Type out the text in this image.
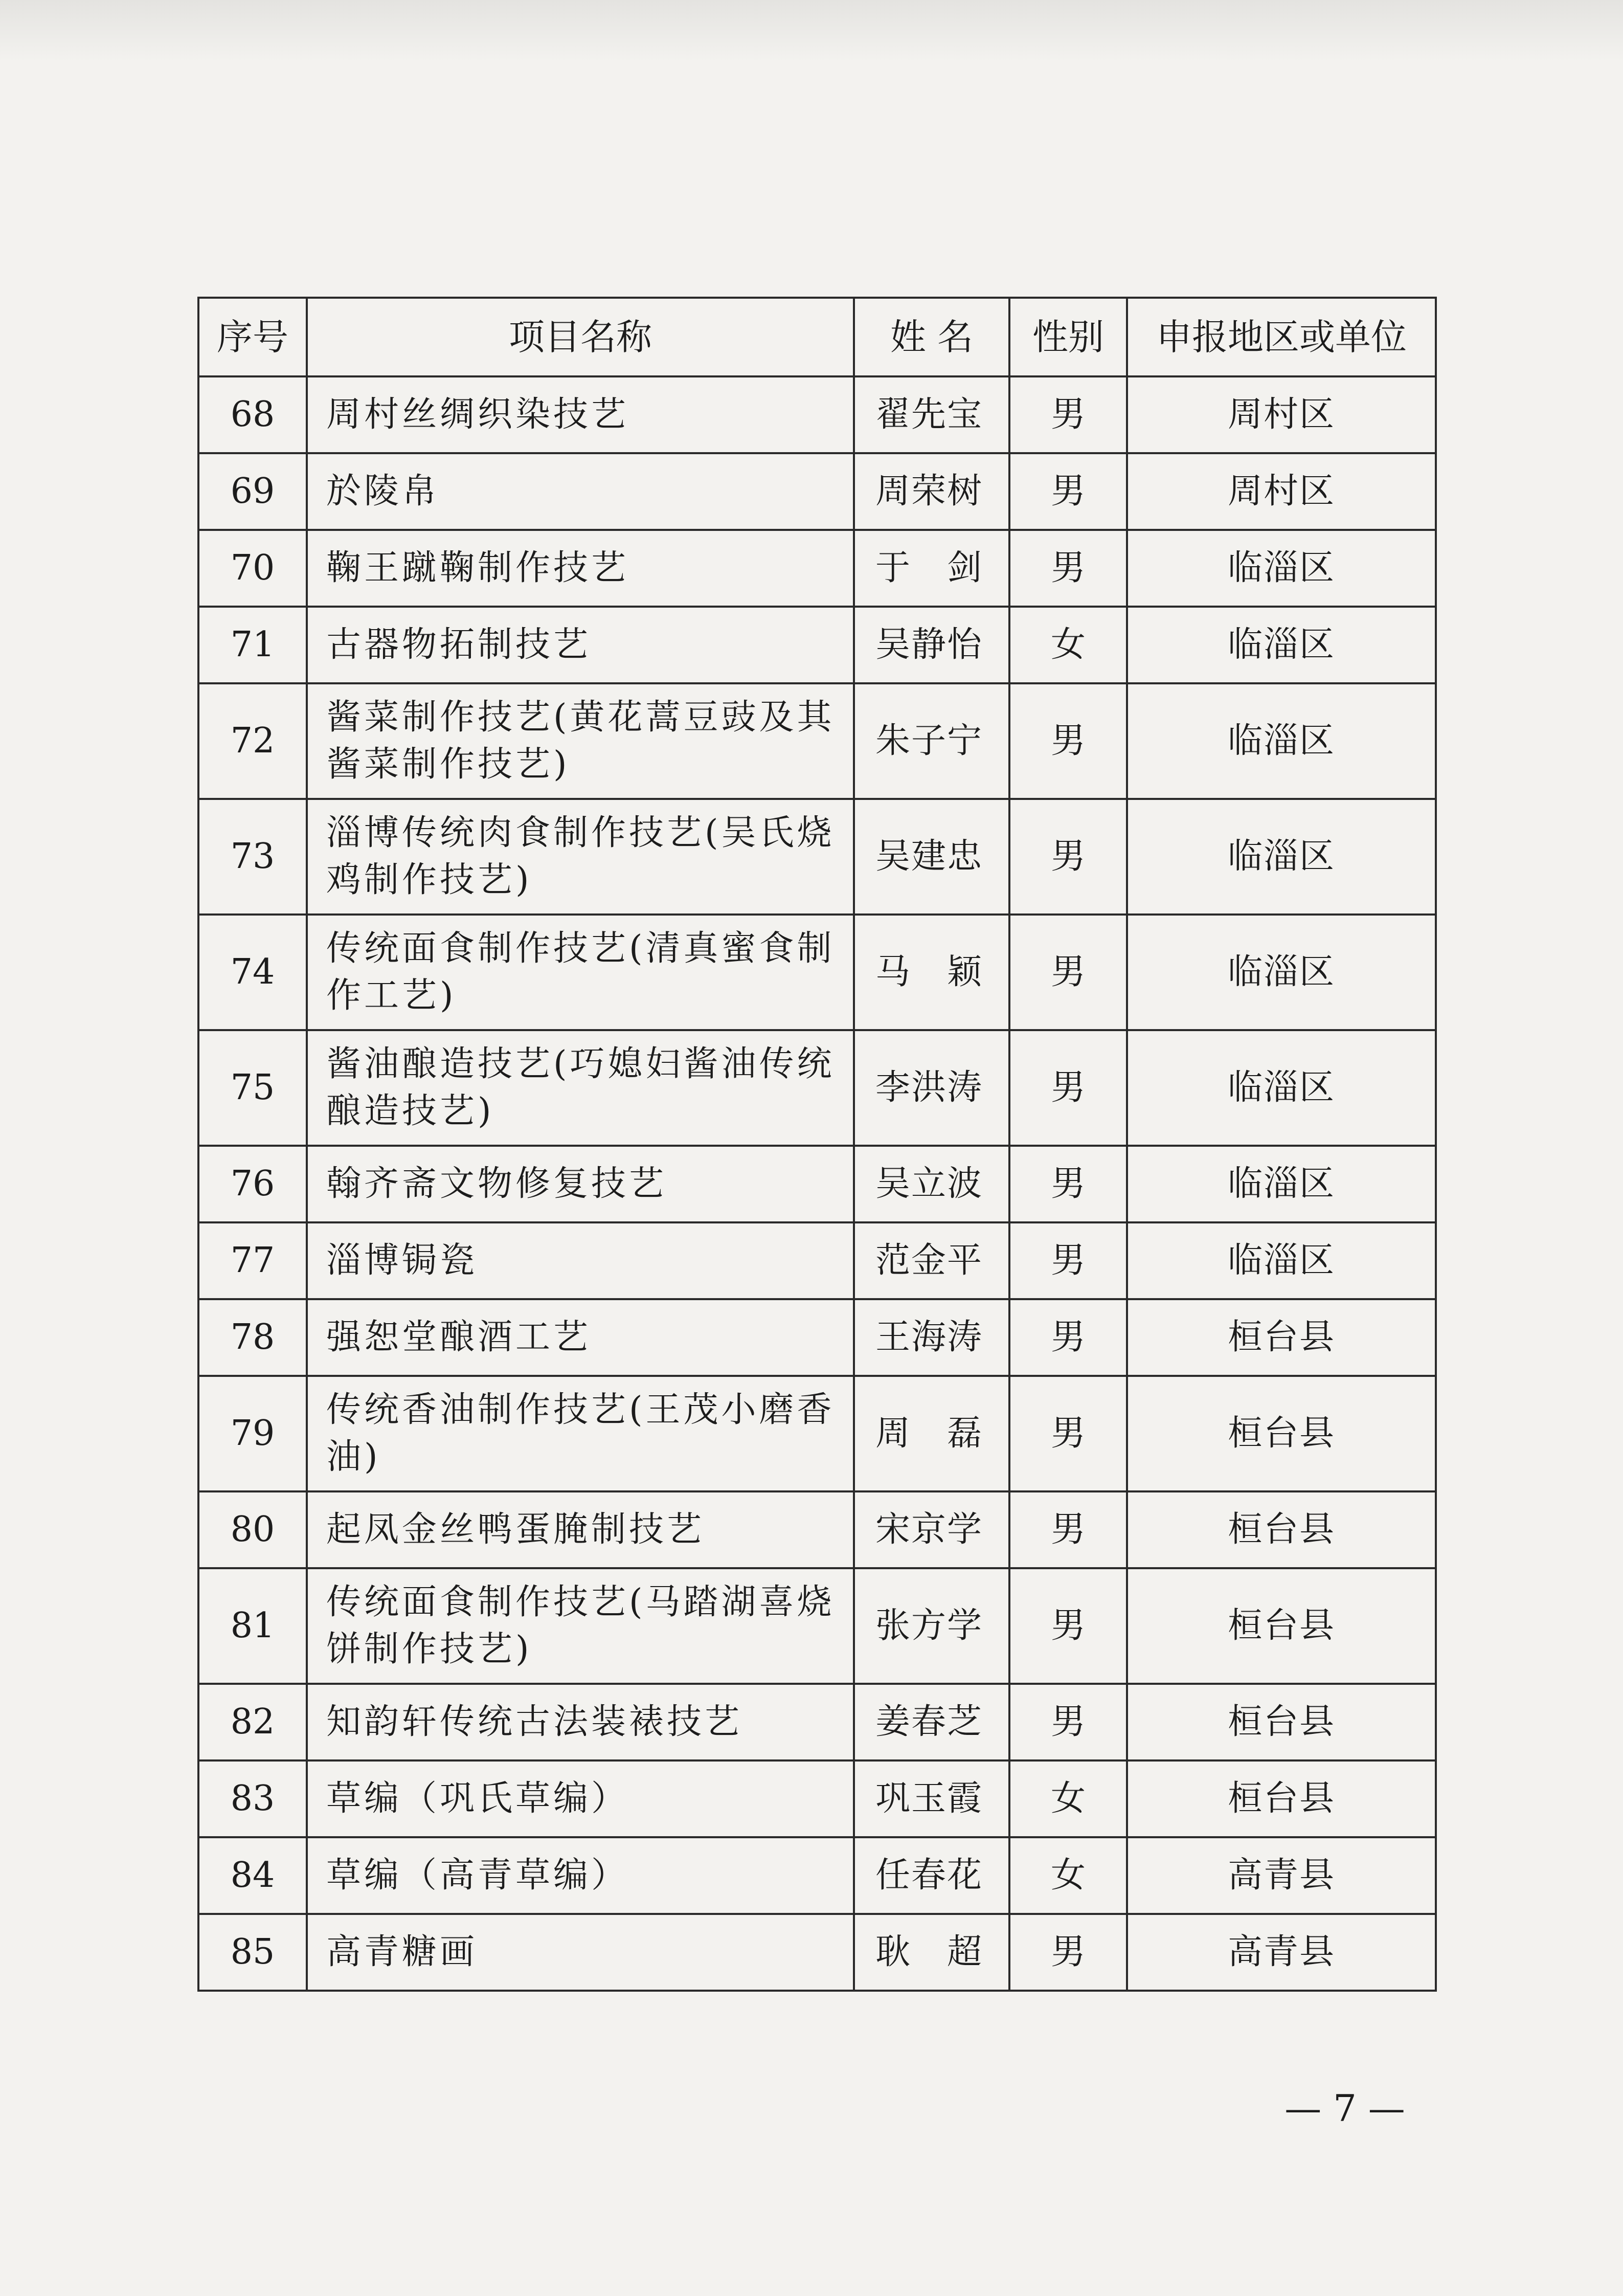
序号	项目名称	姓 名	性别	申报地区或单位
68	周村丝绸织染技艺	翟先宝	男	周村区
69	於陵帛	周荣树	男	周村区
70	鞠王蹴鞠制作技艺	于　剑	男	临淄区
71	古器物拓制技艺	吴静怡	女	临淄区
72	酱菜制作技艺(黄花蒿豆豉及其酱菜制作技艺)	朱子宁	男	临淄区
73	淄博传统肉食制作技艺(吴氏烧鸡制作技艺)	吴建忠	男	临淄区
74	传统面食制作技艺(清真蜜食制作工艺)	马　颖	男	临淄区
75	酱油酿造技艺(巧媳妇酱油传统酿造技艺)	李洪涛	男	临淄区
76	翰齐斋文物修复技艺	吴立波	男	临淄区
77	淄博锔瓷	范金平	男	临淄区
78	强恕堂酿酒工艺	王海涛	男	桓台县
79	传统香油制作技艺(王茂小磨香油)	周　磊	男	桓台县
80	起凤金丝鸭蛋腌制技艺	宋京学	男	桓台县
81	传统面食制作技艺(马踏湖喜烧饼制作技艺)	张方学	男	桓台县
82	知韵轩传统古法装裱技艺	姜春芝	男	桓台县
83	草编（巩氏草编）	巩玉霞	女	桓台县
84	草编（高青草编）	任春花	女	高青县
85	高青糖画	耿　超	男	高青县
— 7 —
